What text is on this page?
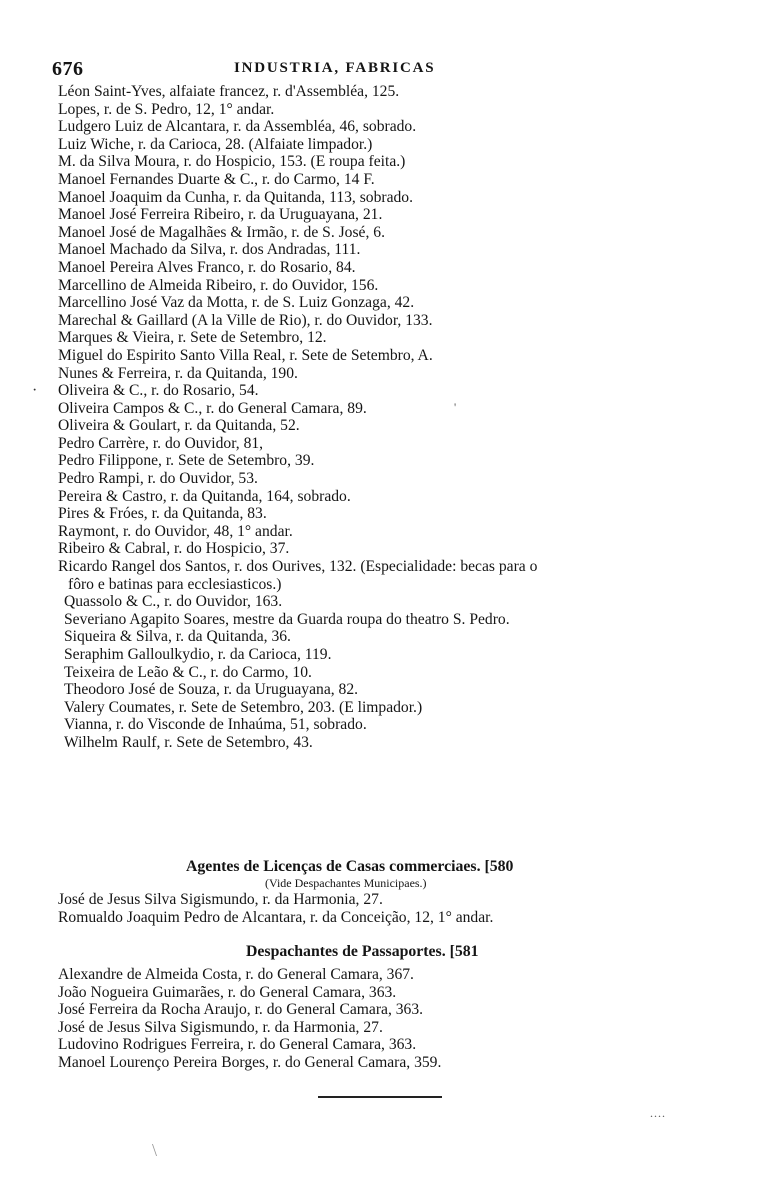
676	INDUSTRIA, FABRICAS
Léon Saint-Yves, alfaiate francez, r. d'Assembléa, 125.
Lopes, r. de S. Pedro, 12, 1° andar.
Ludgero Luiz de Alcantara, r. da Assembléa, 46, sobrado.
Luiz Wiche, r. da Carioca, 28. (Alfaiate limpador.)
M. da Silva Moura, r. do Hospicio, 153. (E roupa feita.)
Manoel Fernandes Duarte & C., r. do Carmo, 14 F.
Manoel Joaquim da Cunha, r. da Quitanda, 113, sobrado.
Manoel José Ferreira Ribeiro, r. da Uruguayana, 21.
Manoel José de Magalhães & Irmão, r. de S. José, 6.
Manoel Machado da Silva, r. dos Andradas, 111.
Manoel Pereira Alves Franco, r. do Rosario, 84.
Marcellino de Almeida Ribeiro, r. do Ouvidor, 156.
Marcellino José Vaz da Motta, r. de S. Luiz Gonzaga, 42.
Marechal & Gaillard (A la Ville de Rio), r. do Ouvidor, 133.
Marques & Vieira, r. Sete de Setembro, 12.
Miguel do Espirito Santo Villa Real, r. Sete de Setembro, A.
Nunes & Ferreira, r. da Quitanda, 190.
Oliveira & C., r. do Rosario, 54.
Oliveira Campos & C., r. do General Camara, 89.
Oliveira & Goulart, r. da Quitanda, 52.
Pedro Carrère, r. do Ouvidor, 81,
Pedro Filippone, r. Sete de Setembro, 39.
Pedro Rampi, r. do Ouvidor, 53.
Pereira & Castro, r. da Quitanda, 164, sobrado.
Pires & Fróes, r. da Quitanda, 83.
Raymont, r. do Ouvidor, 48, 1° andar.
Ribeiro & Cabral, r. do Hospicio, 37.
Ricardo Rangel dos Santos, r. dos Ourives, 132. (Especialidade: becas para o
fôro e batinas para ecclesiasticos.)
Quassolo & C., r. do Ouvidor, 163.
Severiano Agapito Soares, mestre da Guarda roupa do theatro S. Pedro.
Siqueira & Silva, r. da Quitanda, 36.
Seraphim Galloulkydio, r. da Carioca, 119.
Teixeira de Leão & C., r. do Carmo, 10.
Theodoro José de Souza, r. da Uruguayana, 82.
Valery Coumates, r. Sete de Setembro, 203. (E limpador.)
Vianna, r. do Visconde de Inhaúma, 51, sobrado.
Wilhelm Raulf, r. Sete de Setembro, 43.
Agentes de Licenças de Casas commerciaes. [580
(Vide Despachantes Municipaes.)
José de Jesus Silva Sigismundo, r. da Harmonia, 27.
Romualdo Joaquim Pedro de Alcantara, r. da Conceição, 12, 1° andar.
Despachantes de Passaportes. [581
Alexandre de Almeida Costa, r. do General Camara, 367.
João Nogueira Guimarães, r. do General Camara, 363.
José Ferreira da Rocha Araujo, r. do General Camara, 363.
José de Jesus Silva Sigismundo, r. da Harmonia, 27.
Ludovino Rodrigues Ferreira, r. do General Camara, 363.
Manoel Lourenço Pereira Borges, r. do General Camara, 359.
·
'
....
\
